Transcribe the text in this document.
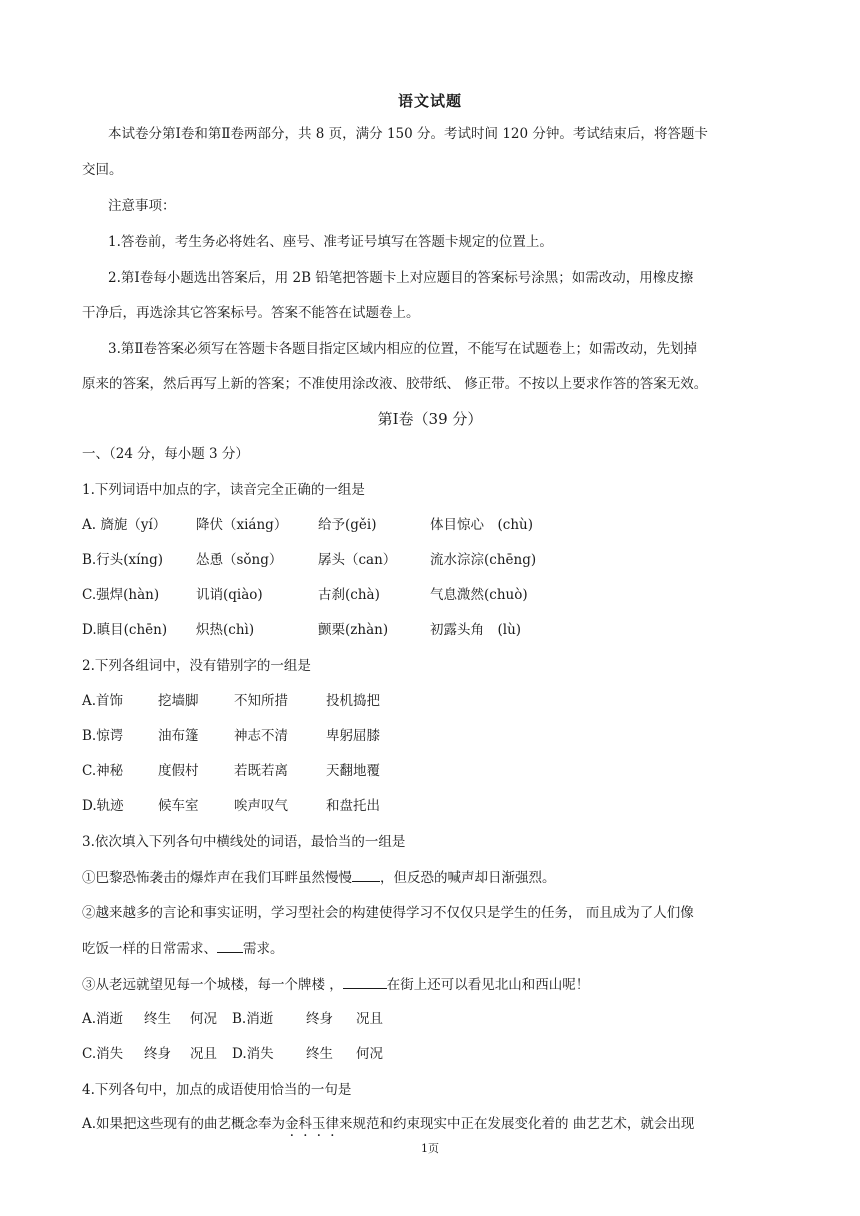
语文试题
本试卷分第Ⅰ卷和第Ⅱ卷两部分，共 8 页，满分 150 分。考试时间 120 分钟。考试结束后，将答题卡
交回。
注意事项：
1.答卷前，考生务必将姓名、座号、准考证号填写在答题卡规定的位置上。
2.第Ⅰ卷每小题选出答案后，用 2B 铅笔把答题卡上对应题目的答案标号涂黑；如需改动，用橡皮擦
干净后，再选涂其它答案标号。答案不能答在试题卷上。
3.第Ⅱ卷答案必须写在答题卡各题目指定区域内相应的位置，不能写在试题卷上；如需改动，先划掉
原来的答案，然后再写上新的答案；不准使用涂改液、胶带纸、 修正带。不按以上要求作答的答案无效。
第Ⅰ卷（39 分）
一、（24 分，每小题 3 分）
1.下列词语中加点的字，读音完全正确的一组是
A. 旖旎（yí） 降伏（xiáng） 给予(gěi)	体目惊心　(chù)
B.行头(xíng) 怂恿（sǒng）	孱头（can） 流水淙淙(chēng)
C.强焊(hàn)	讥诮(qiào)	古刹(chà)	气息溦然(chuò)
D.瞋目(chēn) 炽热(chì)	颤栗(zhàn)	初露头角　(lù)
2.下列各组词中，没有错别字的一组是
A.首饰	挖墙脚	不知所措	投机捣把
B.惊谔	油布篷	神志不清	卑躬屈膝
C.神秘	度假村	若既若离	天翻地覆
D.轨迹	候车室	唉声叹气	和盘托出
3.依次填入下列各句中横线处的词语，最恰当的一组是
①巴黎恐怖袭击的爆炸声在我们耳畔虽然慢慢 ，但反恐的喊声却日渐强烈。
②越来越多的言论和事实证明，学习型社会的构建使得学习不仅仅只是学生的任务， 而且成为了人们像
吃饭一样的日常需求、 需求。
③从老远就望见每一个城楼，每一个牌楼 ，	在街上还可以看见北山和西山呢！
A.消逝 终生 何况 B.消逝 终身 况且
C.消失 终身 况且 D.消失 终生 何况
4.下列各句中，加点的成语使用恰当的一句是
A.如果把这些现有的曲艺概念奉为金科玉律来规范和约束现实中正在发展变化着的 曲艺艺术，就会出现
1页
